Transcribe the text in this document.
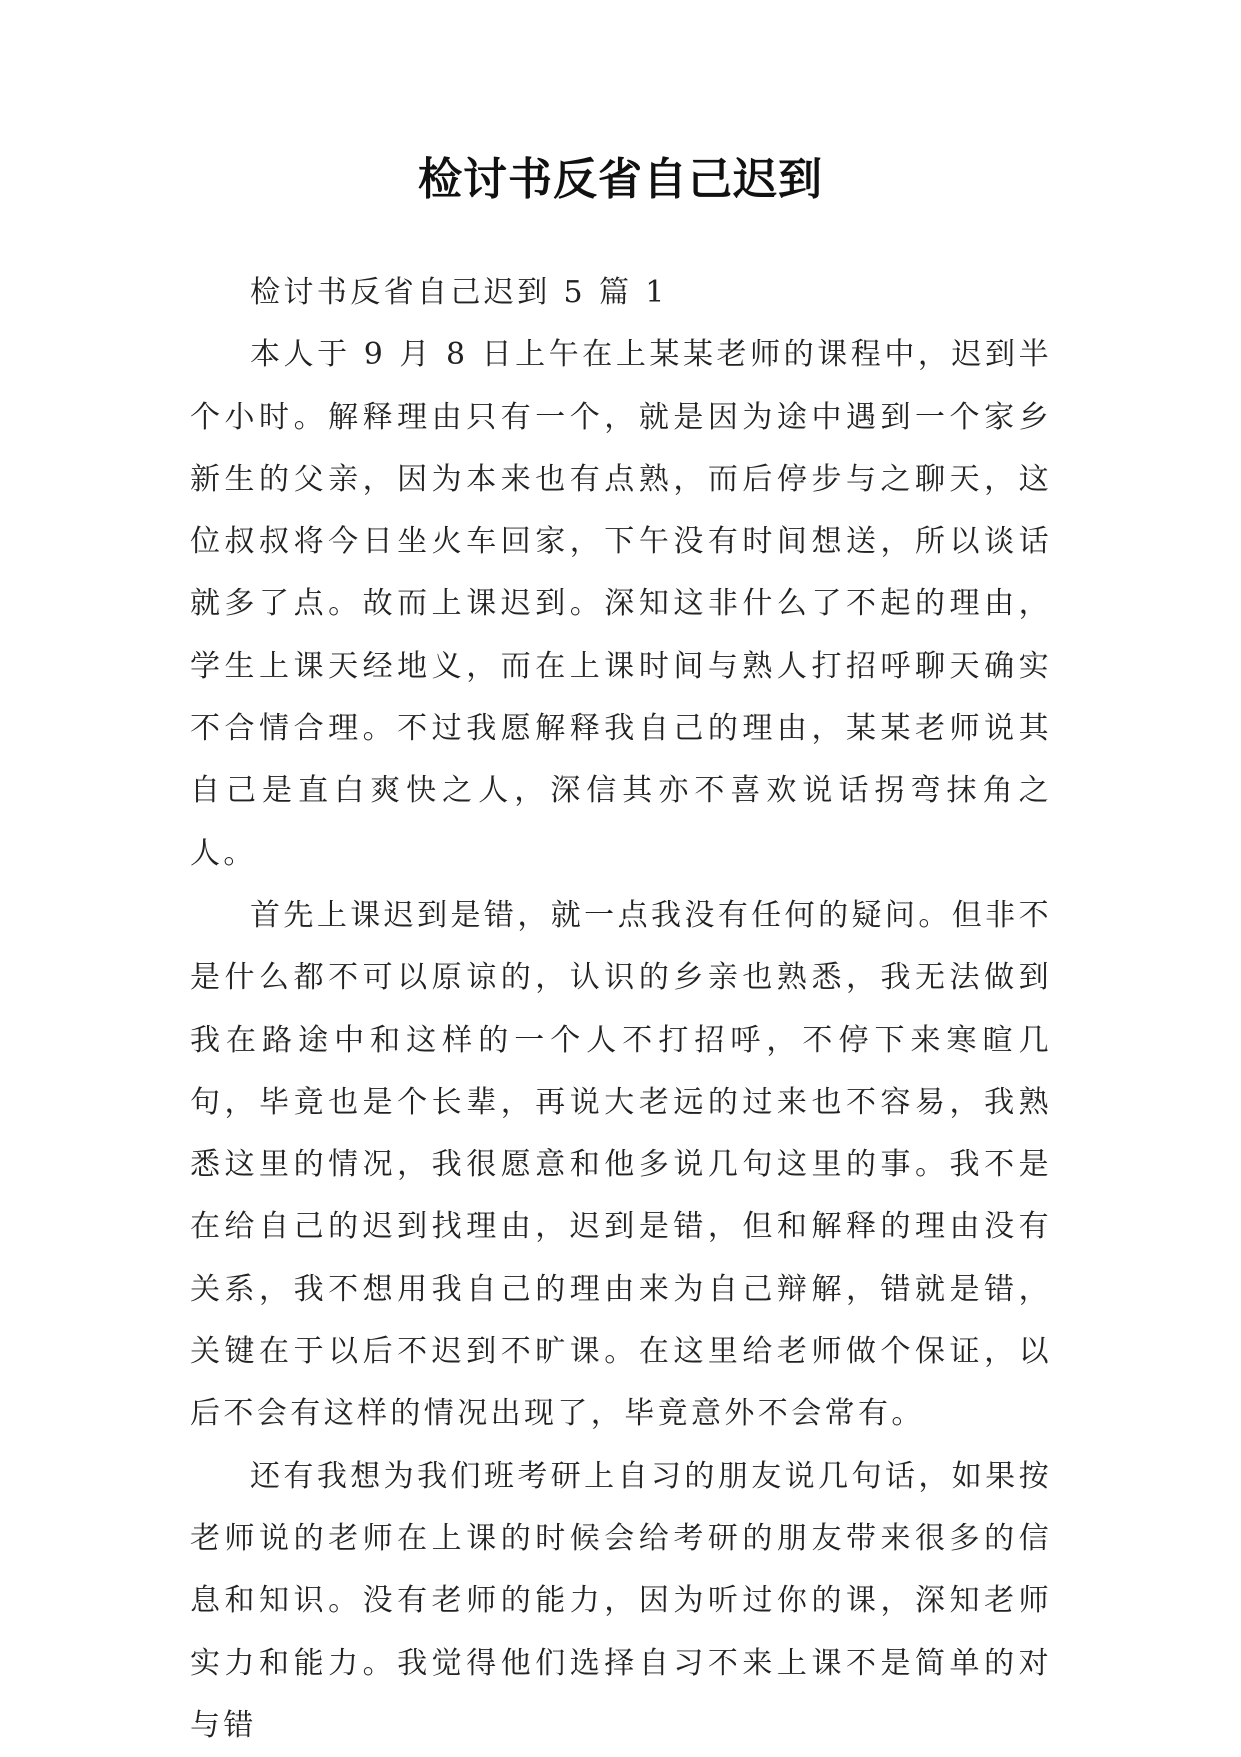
检讨书反省自己迟到

检讨书反省自己迟到 5 篇 1

本人于 9 月 8 日上午在上某某老师的课程中，迟到半个小时。解释理由只有一个，就是因为途中遇到一个家乡新生的父亲，因为本来也有点熟，而后停步与之聊天，这位叔叔将今日坐火车回家，下午没有时间想送，所以谈话就多了点。故而上课迟到。深知这非什么了不起的理由，学生上课天经地义，而在上课时间与熟人打招呼聊天确实不合情合理。不过我愿解释我自己的理由，某某老师说其自己是直白爽快之人，深信其亦不喜欢说话拐弯抹角之人。

首先上课迟到是错，就一点我没有任何的疑问。但非不是什么都不可以原谅的，认识的乡亲也熟悉，我无法做到我在路途中和这样的一个人不打招呼，不停下来寒暄几句，毕竟也是个长辈，再说大老远的过来也不容易，我熟悉这里的情况，我很愿意和他多说几句这里的事。我不是在给自己的迟到找理由，迟到是错，但和解释的理由没有关系，我不想用我自己的理由来为自己辩解，错就是错，关键在于以后不迟到不旷课。在这里给老师做个保证，以后不会有这样的情况出现了，毕竟意外不会常有。

还有我想为我们班考研上自习的朋友说几句话，如果按老师说的老师在上课的时候会给考研的朋友带来很多的信息和知识。没有老师的能力，因为听过你的课，深知老师实力和能力。我觉得他们选择自习不来上课不是简单的对与错
